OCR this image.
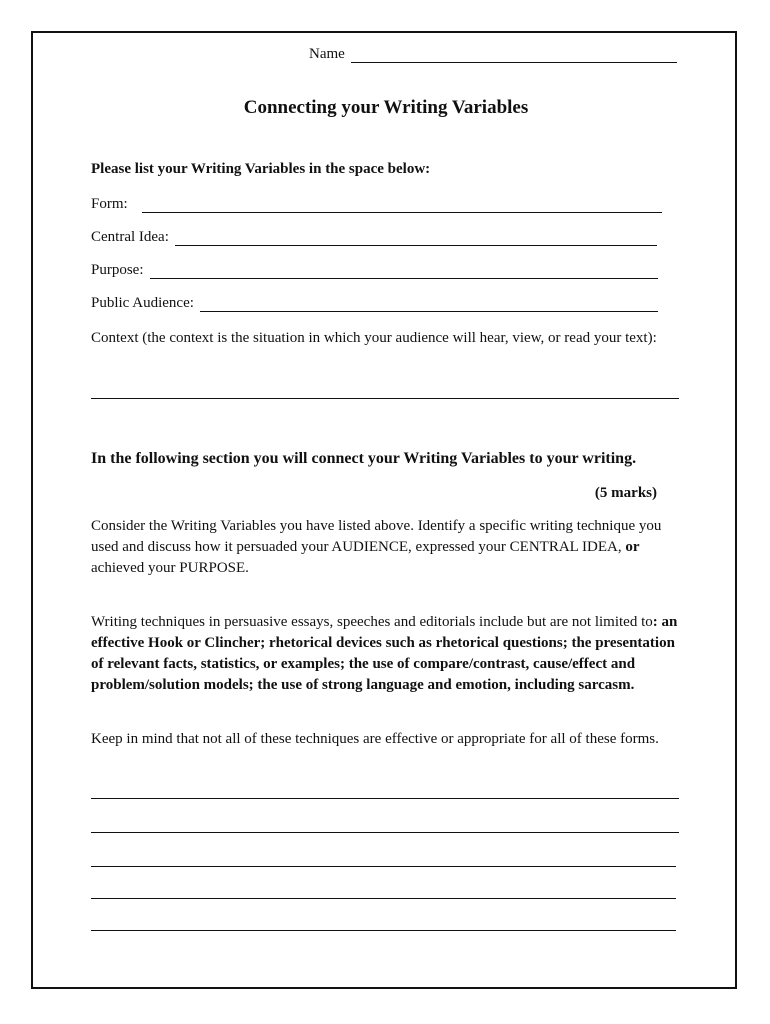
Name
Connecting your Writing Variables
Please list your Writing Variables in the space below:
Form:
Central Idea:
Purpose:
Public Audience:
Context (the context is the situation in which your audience will hear, view, or read your text):
In the following section you will connect your Writing Variables to your writing.
(5 marks)
Consider the Writing Variables you have listed above. Identify a specific writing technique you used and discuss how it persuaded your AUDIENCE, expressed your CENTRAL IDEA, or achieved your PURPOSE.
Writing techniques in persuasive essays, speeches and editorials include but are not limited to: an effective Hook or Clincher; rhetorical devices such as rhetorical questions; the presentation of relevant facts, statistics, or examples; the use of compare/contrast, cause/effect and problem/solution models; the use of strong language and emotion, including sarcasm.
Keep in mind that not all of these techniques are effective or appropriate for all of these forms.
